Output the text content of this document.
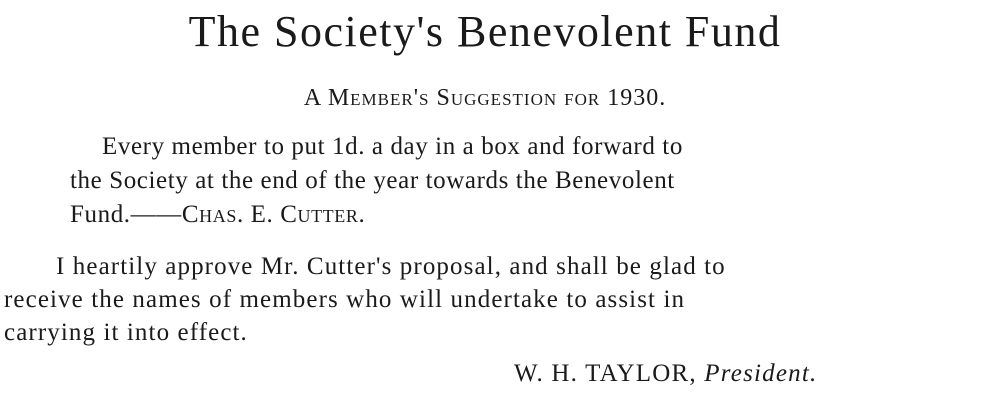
The Society's Benevolent Fund
A Member's Suggestion for 1930.
Every member to put 1d. a day in a box and forward to
the Society at the end of the year towards the Benevolent
Fund.——Chas. E. Cutter.
I heartily approve Mr. Cutter's proposal, and shall be glad to
receive the names of members who will undertake to assist in
carrying it into effect.
W. H. TAYLOR, President.
